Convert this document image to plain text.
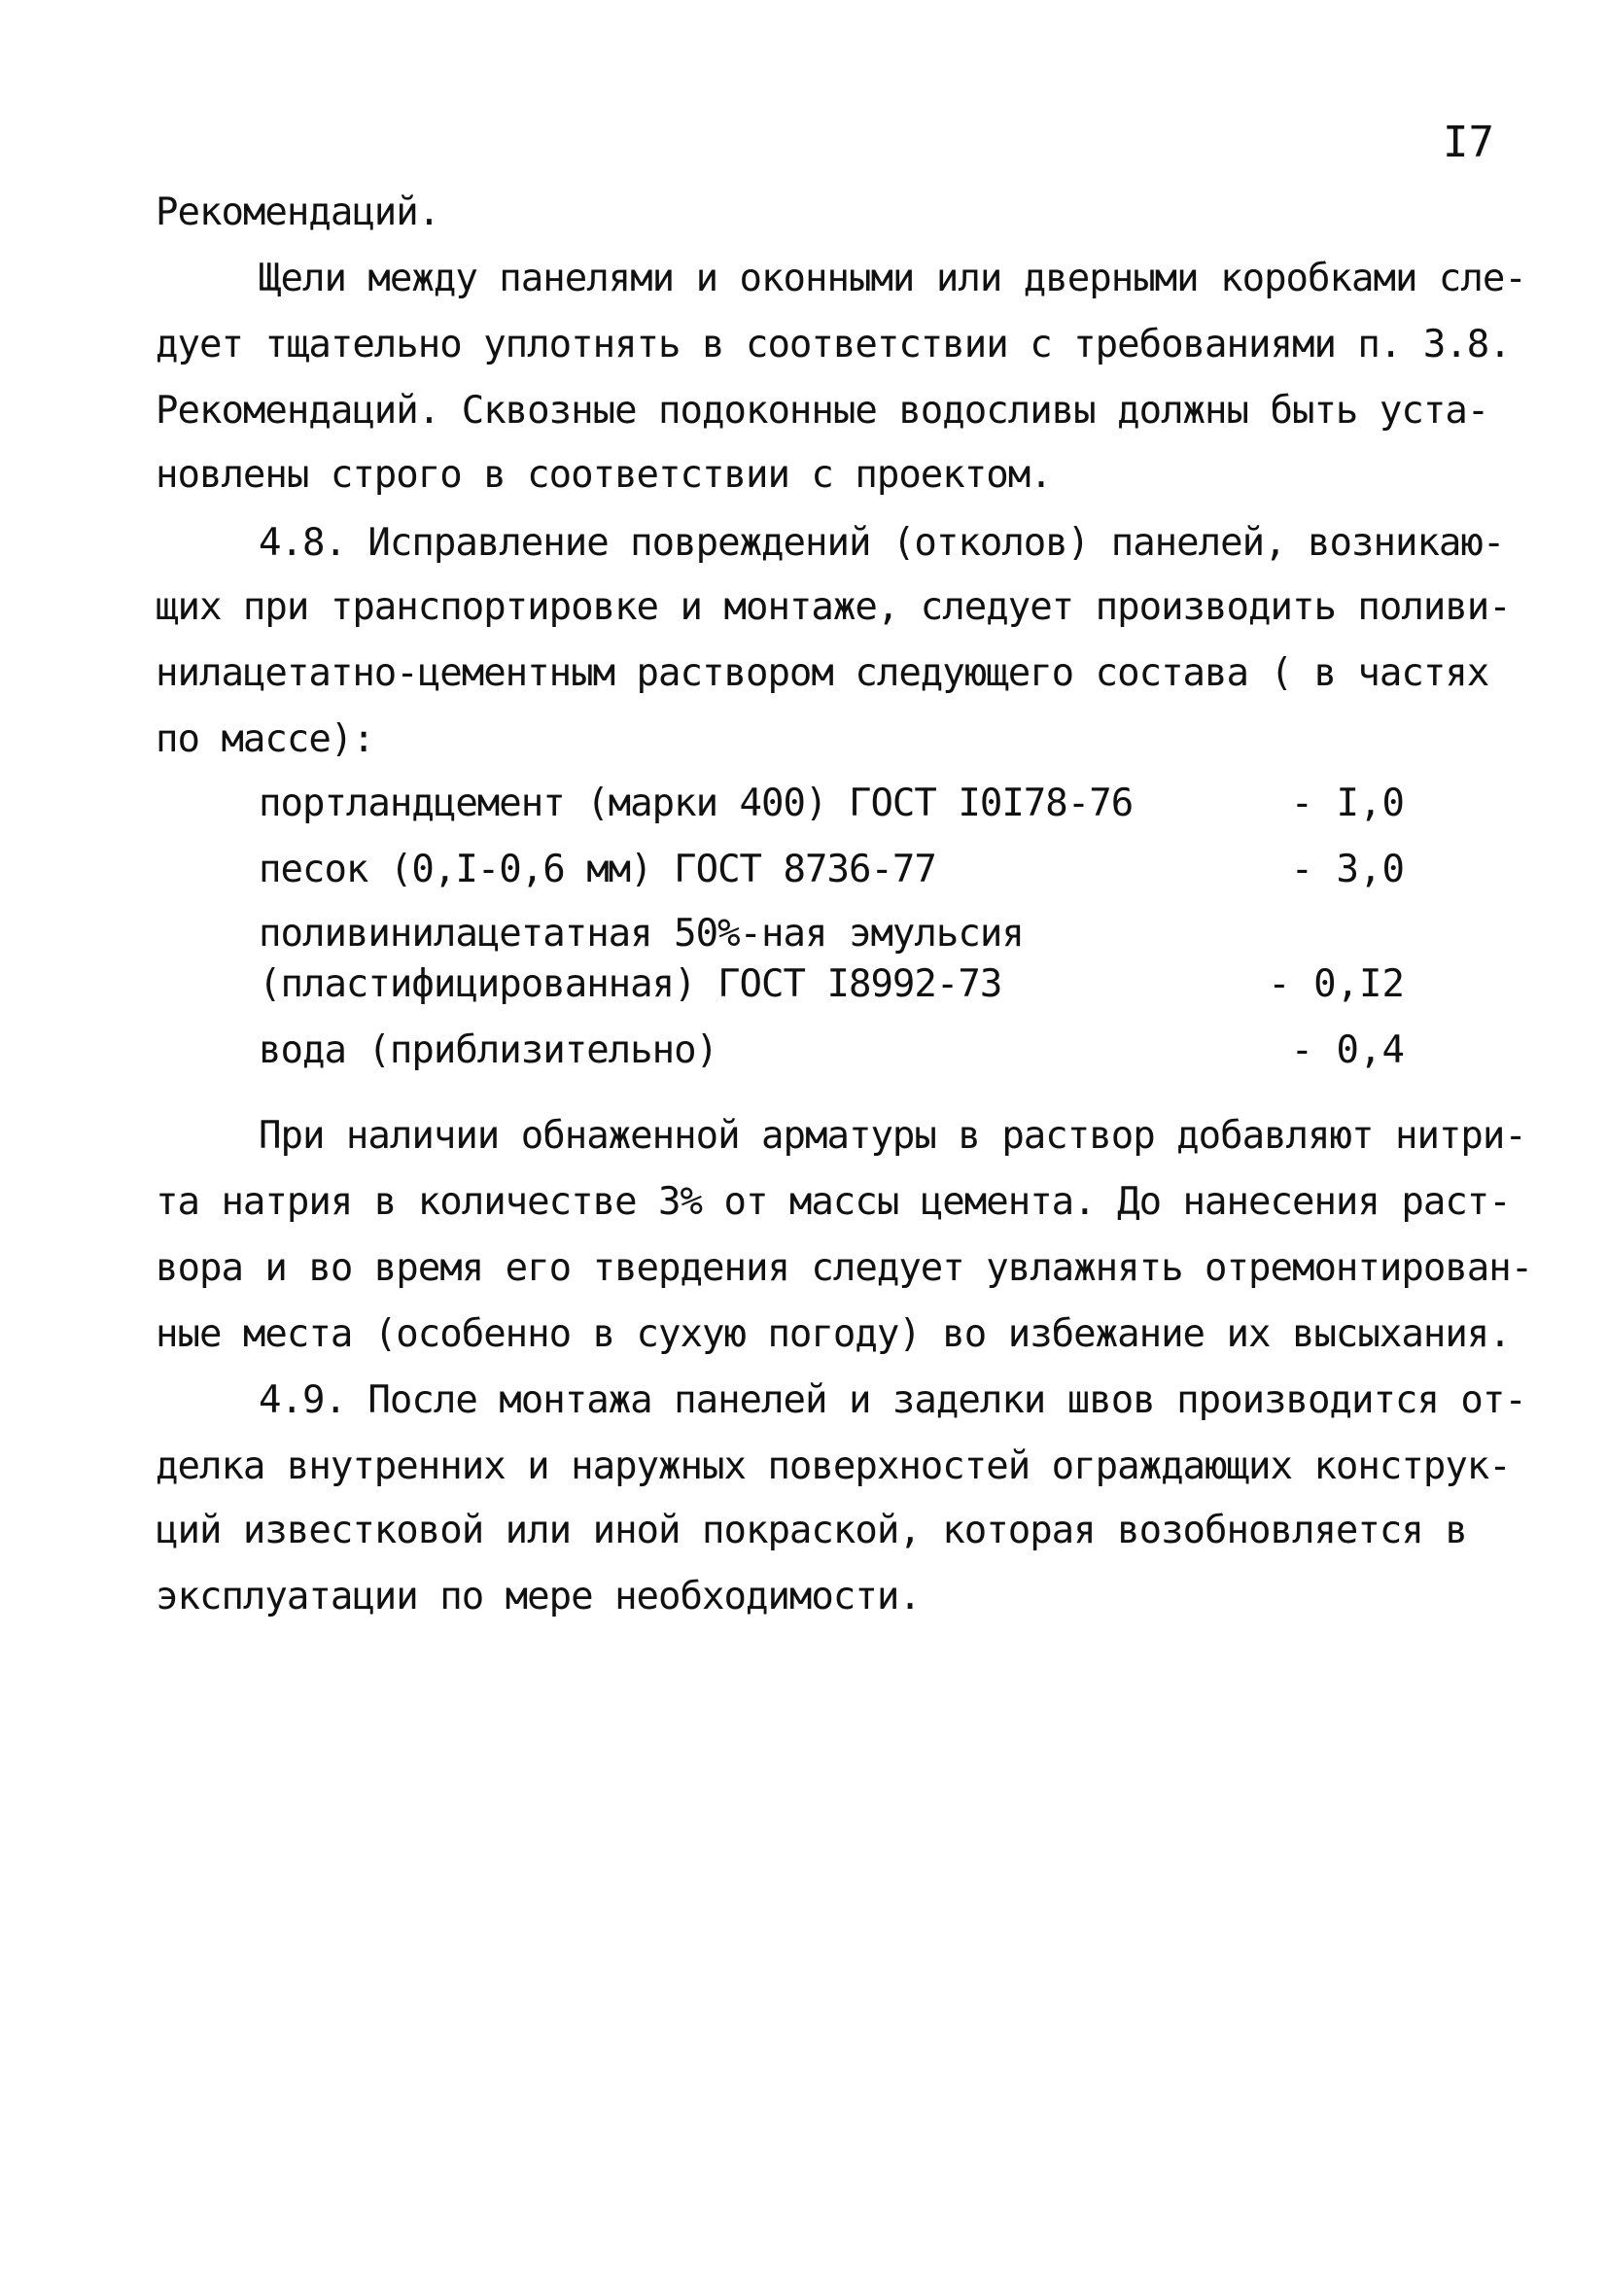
I7
Рекомендаций.
Щели между панелями и оконными или дверными коробками сле-
дует тщательно уплотнять в соответствии с требованиями п. 3.8.
Рекомендаций. Сквозные подоконные водосливы должны быть уста-
новлены строго в соответствии с проектом.
4.8. Исправление повреждений (отколов) панелей, возникаю-
щих при транспортировке и монтаже, следует производить поливи-
нилацетатно-цементным раствором следующего состава ( в частях
по массе):
портландцемент (марки 400) ГОСТ I0I78-76	- I,0
песок (0,I-0,6 мм) ГОСТ 8736-77	- 3,0
поливинилацетатная 50%-ная эмульсия
(пластифицированная) ГОСТ I8992-73	- 0,I2
вода (приблизительно)	- 0,4
При наличии обнаженной арматуры в раствор добавляют нитри-
та натрия в количестве 3% от массы цемента. До нанесения раст-
вора и во время его твердения следует увлажнять отремонтирован-
ные места (особенно в сухую погоду) во избежание их высыхания.
4.9. После монтажа панелей и заделки швов производится от-
делка внутренних и наружных поверхностей ограждающих конструк-
ций известковой или иной покраской, которая возобновляется в
эксплуатации по мере необходимости.
